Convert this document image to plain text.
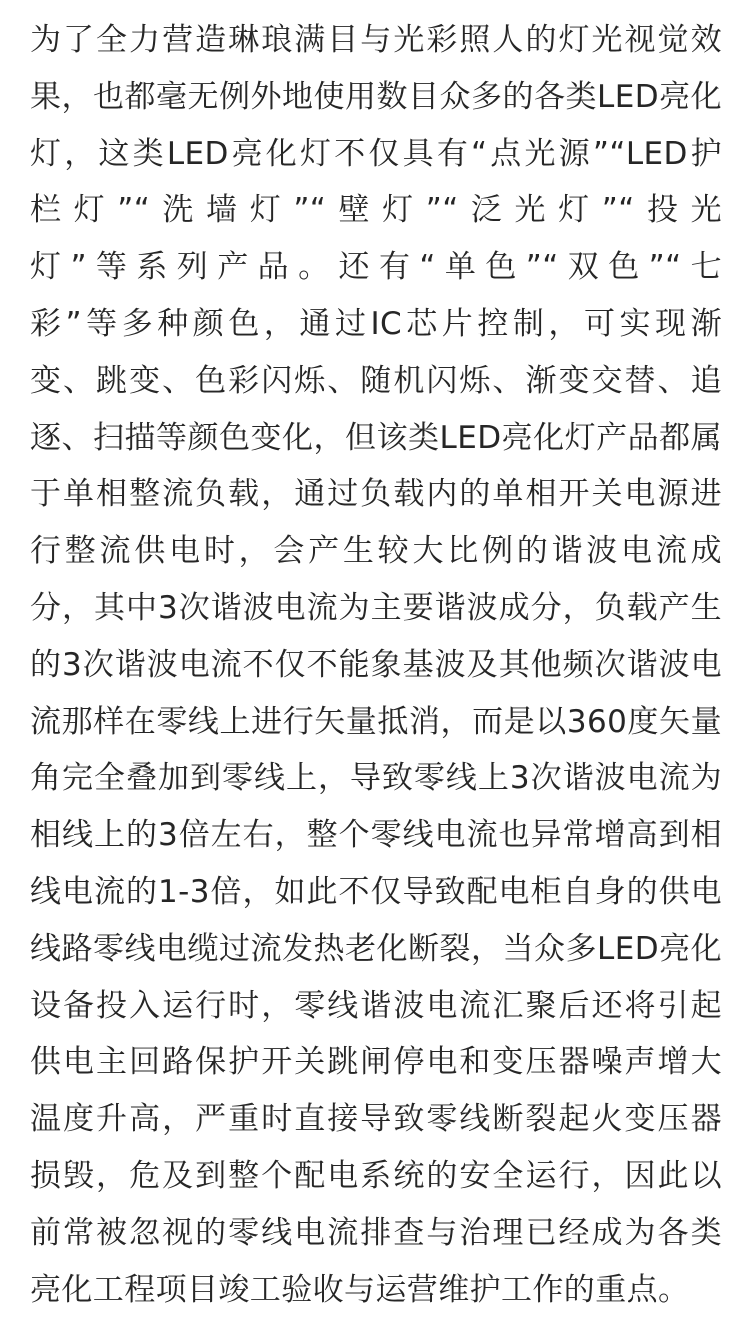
为了全力营造琳琅满目与光彩照人的灯光视觉效
果，也都毫无例外地使用数目众多的各类LED亮化
灯，这类LED亮化灯不仅具有“点光源”“LED护
栏灯”“洗墙灯”“壁灯”“泛光灯”“投光
灯”等系列产品。还有“单色”“双色”“七
彩”等多种颜色，通过IC芯片控制，可实现渐
变、跳变、色彩闪烁、随机闪烁、渐变交替、追
逐、扫描等颜色变化，但该类LED亮化灯产品都属
于单相整流负载，通过负载内的单相开关电源进
行整流供电时，会产生较大比例的谐波电流成
分，其中3次谐波电流为主要谐波成分，负载产生
的3次谐波电流不仅不能象基波及其他频次谐波电
流那样在零线上进行矢量抵消，而是以360度矢量
角完全叠加到零线上，导致零线上3次谐波电流为
相线上的3倍左右，整个零线电流也异常增高到相
线电流的1-3倍，如此不仅导致配电柜自身的供电
线路零线电缆过流发热老化断裂，当众多LED亮化
设备投入运行时，零线谐波电流汇聚后还将引起
供电主回路保护开关跳闸停电和变压器噪声增大
温度升高，严重时直接导致零线断裂起火变压器
损毁，危及到整个配电系统的安全运行，因此以
前常被忽视的零线电流排查与治理已经成为各类
亮化工程项目竣工验收与运营维护工作的重点。
